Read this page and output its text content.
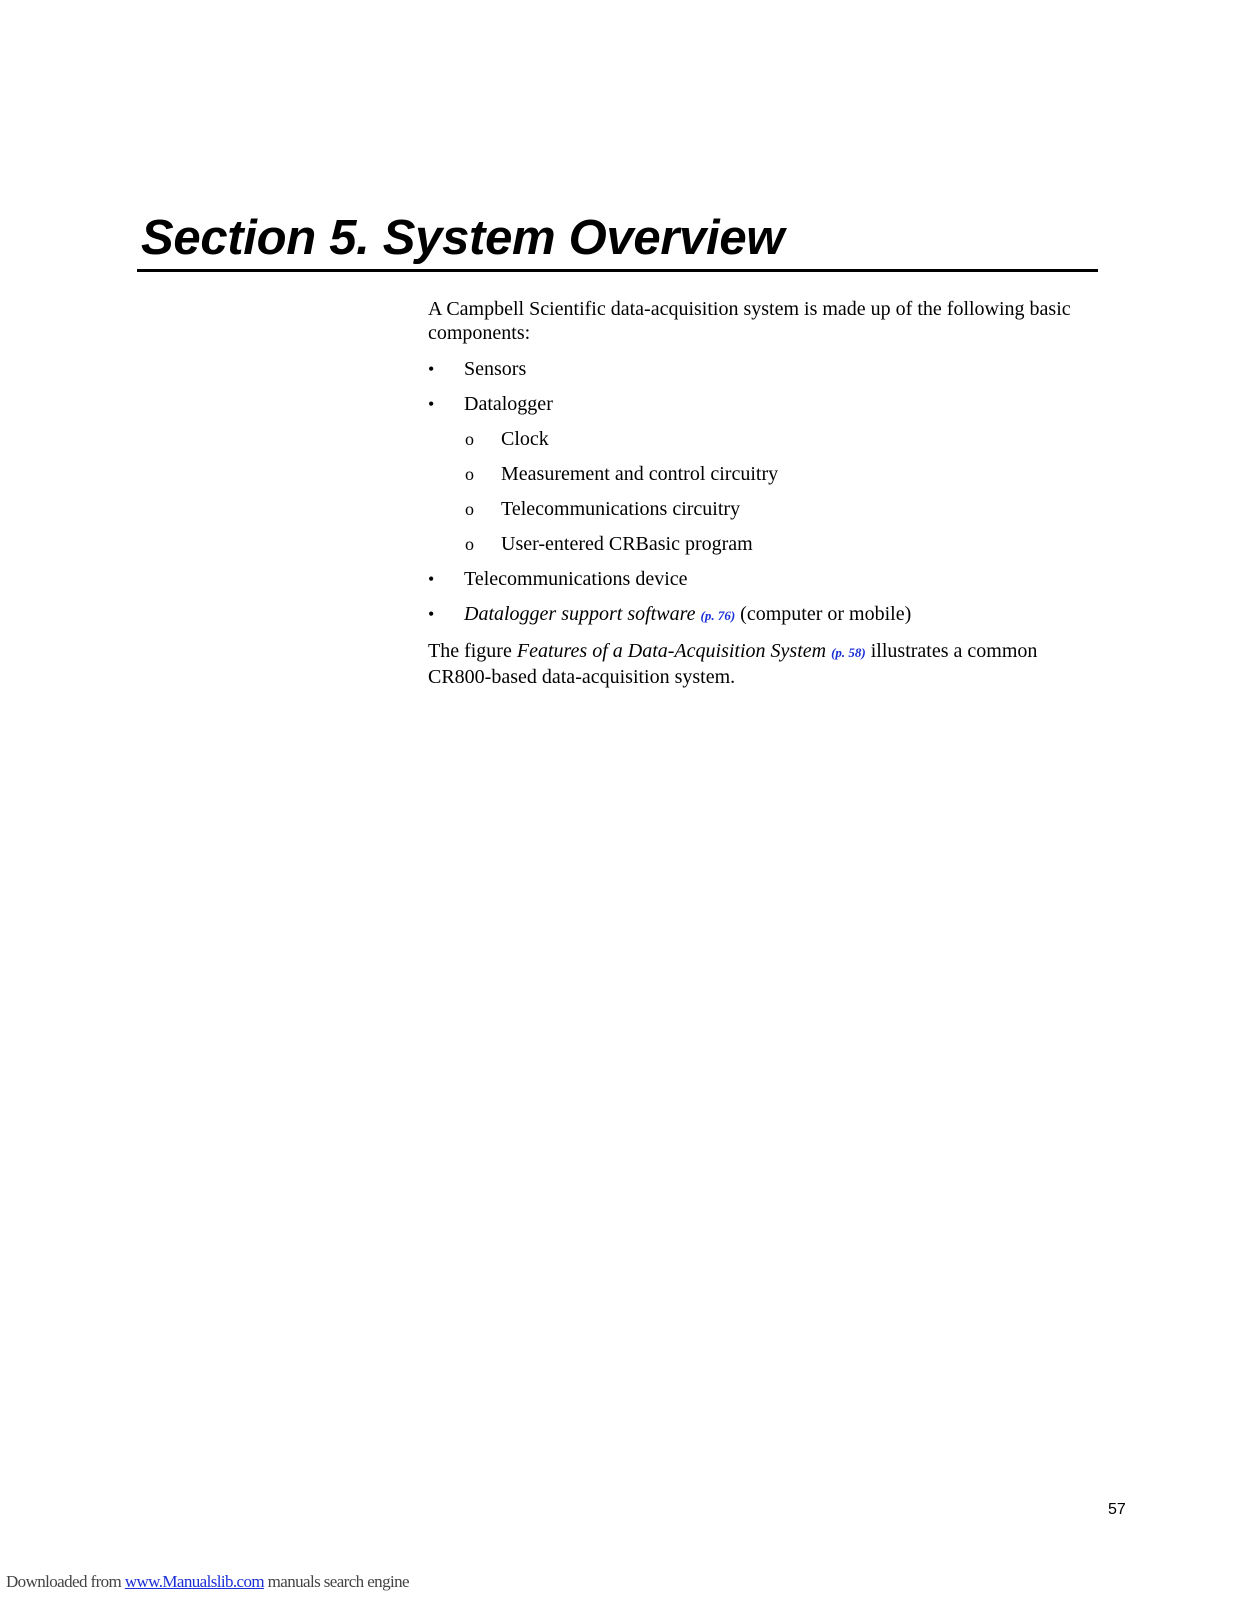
Section 5. System Overview

A Campbell Scientific data-acquisition system is made up of the following basic components:

• Sensors
• Datalogger
o Clock
o Measurement and control circuitry
o Telecommunications circuitry
o User-entered CRBasic program
• Telecommunications device
• Datalogger support software (p. 76) (computer or mobile)

The figure Features of a Data-Acquisition System (p. 58) illustrates a common CR800-based data-acquisition system.

57
Downloaded from www.Manualslib.com manuals search engine
